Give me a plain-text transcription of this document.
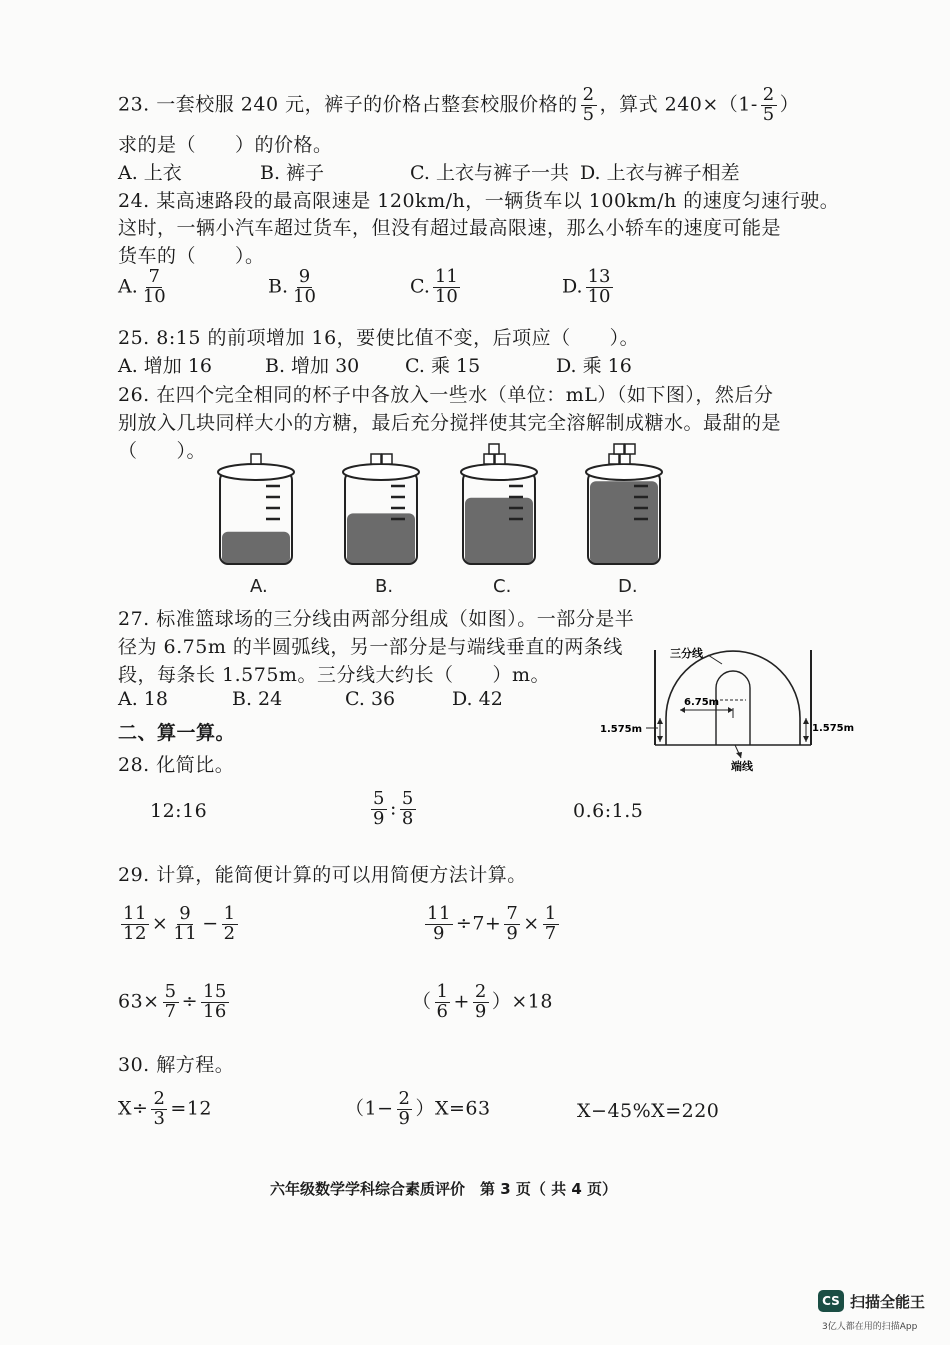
23. 一套校服 240 元，裤子的价格占整套校服价格的 $\frac{2}{5}$ ，算式 $240\times(1- \frac{2}{5}$ ）
求的是（　　）的价格。
A. 上衣	B. 裤子	C. 上衣与裤子一共 D. 上衣与裤子相差
24. 某高速路段的最高限速是 120km/h，一辆货车以 100km/h 的速度匀速行驶。
这时，一辆小汽车超过货车，但没有超过最高限速，那么小轿车的速度可能是
货车的（　　）。
A. $\frac{7}{10}$	B. $\frac{9}{10}$	C. $\frac{11}{10}$	D. $\frac{13}{10}$
25. 8:15 的前项增加 16，要使比值不变，后项应（　　）。
A. 增加 16	B. 增加 30 C. 乘 15	D. 乘 16
26. 在四个完全相同的杯子中各放入一些水（单位：mL）（如下图），然后分
别放入几块同样大小的方糖，最后充分搅拌使其完全溶解制成糖水。最甜的是
（　　）。
A.	B.	C.	D.
27. 标准篮球场的三分线由两部分组成（如图）。一部分是半
径为 6.75m 的半圆弧线，另一部分是与端线垂直的两条线
段，每条长 1.575m。三分线大约长（　　）m。
A. 18	B. 24	C. 36	D. 42	6.75m
三分线
1.575m	1.575m
端线
二、算一算。
28. 化简比。
12:16	$\frac{5}{9}$ : $\frac{5}{8}$	0.6:1.5
29. 计算，能简便计算的可以用简便方法计算。
$\frac{11}{12} \times \frac{9}{11} - \frac{1}{2}$	$\frac{11}{9} \div 7+ \frac{7}{9} \times \frac{1}{7}$
$63\times \frac{5}{7} \div \frac{15}{16}$	（ $\frac{1}{6} + \frac{2}{9} )\times 18$
30. 解方程。
$X\div \frac{2}{3} =12$	$(1- \frac{2}{9} )X=63$	X−45%X=220
六年级数学学科综合素质评价　第 3 页（ 共 4 页）
CS 扫描全能王
3亿人都在用的扫描App
